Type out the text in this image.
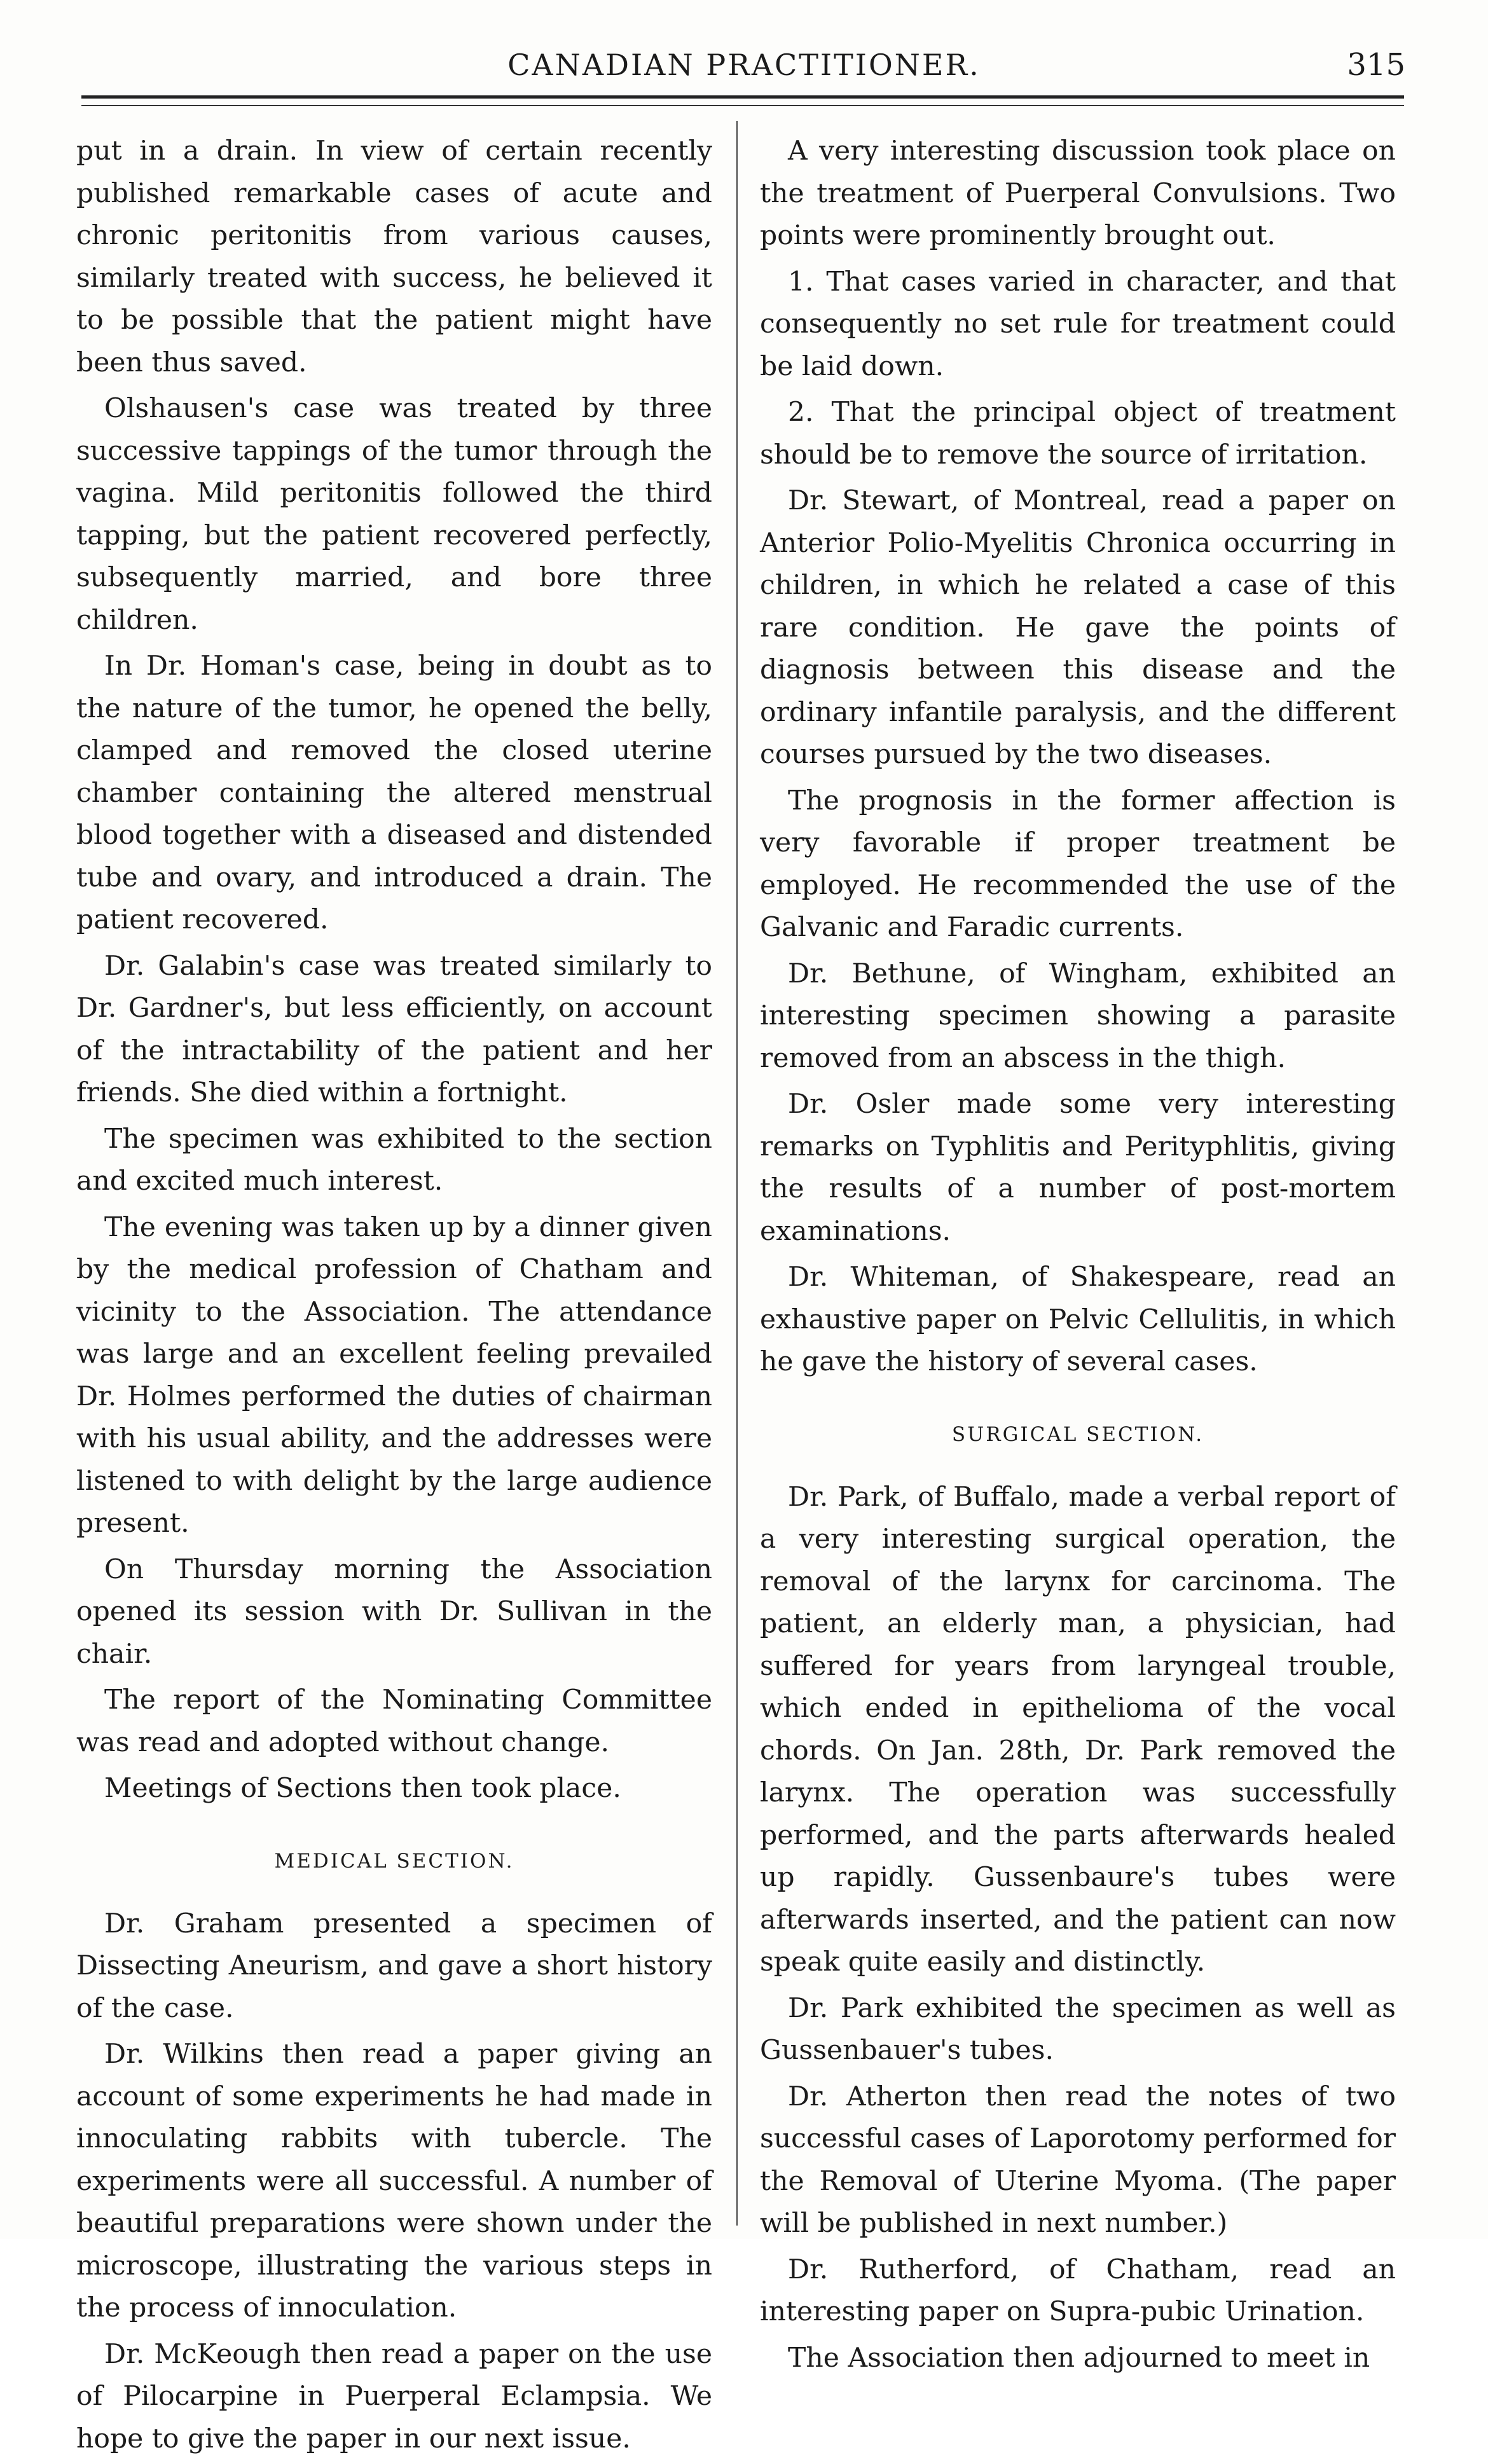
CANADIAN PRACTITIONER.	315

put in a drain. In view of certain recently published remarkable cases of acute and chronic peritonitis from various causes, similarly treated with success, he believed it to be possible that the patient might have been thus saved.

Olshausen's case was treated by three successive tappings of the tumor through the vagina. Mild peritonitis followed the third tapping, but the patient recovered perfectly, subsequently married, and bore three children.

In Dr. Homan's case, being in doubt as to the nature of the tumor, he opened the belly, clamped and removed the closed uterine chamber containing the altered menstrual blood together with a diseased and distended tube and ovary, and introduced a drain. The patient recovered.

Dr. Galabin's case was treated similarly to Dr. Gardner's, but less efficiently, on account of the intractability of the patient and her friends. She died within a fortnight.

The specimen was exhibited to the section and excited much interest.

The evening was taken up by a dinner given by the medical profession of Chatham and vicinity to the Association. The attendance was large and an excellent feeling prevailed Dr. Holmes performed the duties of chairman with his usual ability, and the addresses were listened to with delight by the large audience present.

On Thursday morning the Association opened its session with Dr. Sullivan in the chair.

The report of the Nominating Committee was read and adopted without change.

Meetings of Sections then took place.

MEDICAL SECTION.

Dr. Graham presented a specimen of Dissecting Aneurism, and gave a short history of the case.

Dr. Wilkins then read a paper giving an account of some experiments he had made in innoculating rabbits with tubercle. The experiments were all successful. A number of beautiful preparations were shown under the microscope, illustrating the various steps in the process of innoculation.

Dr. McKeough then read a paper on the use of Pilocarpine in Puerperal Eclampsia. We hope to give the paper in our next issue.

A very interesting discussion took place on the treatment of Puerperal Convulsions. Two points were prominently brought out.

1. That cases varied in character, and that consequently no set rule for treatment could be laid down.

2. That the principal object of treatment should be to remove the source of irritation.

Dr. Stewart, of Montreal, read a paper on Anterior Polio-Myelitis Chronica occurring in children, in which he related a case of this rare condition. He gave the points of diagnosis between this disease and the ordinary infantile paralysis, and the different courses pursued by the two diseases.

The prognosis in the former affection is very favorable if proper treatment be employed. He recommended the use of the Galvanic and Faradic currents.

Dr. Bethune, of Wingham, exhibited an interesting specimen showing a parasite removed from an abscess in the thigh.

Dr. Osler made some very interesting remarks on Typhlitis and Perityphlitis, giving the results of a number of post-mortem examinations.

Dr. Whiteman, of Shakespeare, read an exhaustive paper on Pelvic Cellulitis, in which he gave the history of several cases.

SURGICAL SECTION.

Dr. Park, of Buffalo, made a verbal report of a very interesting surgical operation, the removal of the larynx for carcinoma. The patient, an elderly man, a physician, had suffered for years from laryngeal trouble, which ended in epithelioma of the vocal chords. On Jan. 28th, Dr. Park removed the larynx. The operation was successfully performed, and the parts afterwards healed up rapidly. Gussenbaure's tubes were afterwards inserted, and the patient can now speak quite easily and distinctly.

Dr. Park exhibited the specimen as well as Gussenbauer's tubes.

Dr. Atherton then read the notes of two successful cases of Laporotomy performed for the Removal of Uterine Myoma. (The paper will be published in next number.)

Dr. Rutherford, of Chatham, read an interesting paper on Supra-pubic Urination.

The Association then adjourned to meet in
